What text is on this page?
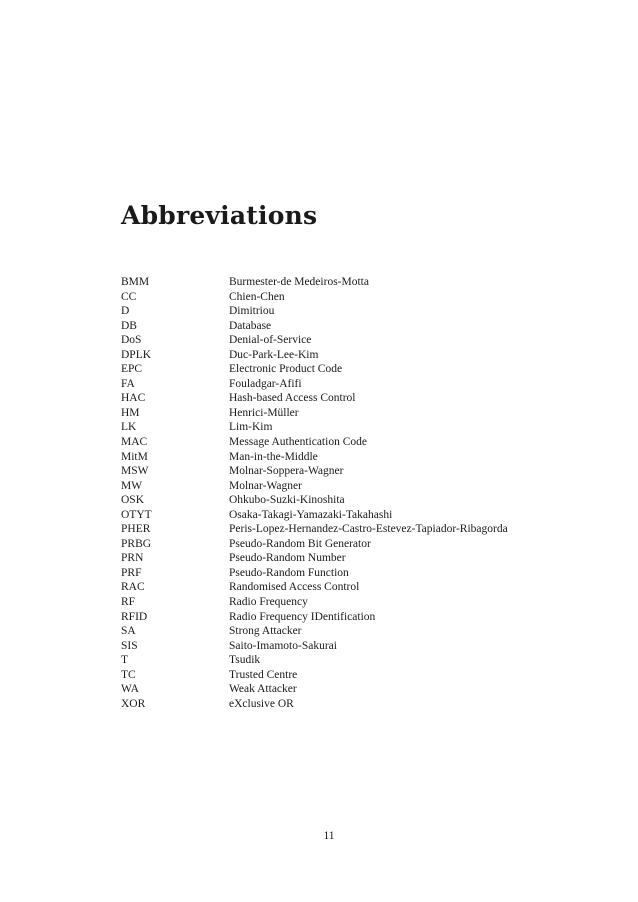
Abbreviations
BMM	Burmester-de Medeiros-Motta
CC	Chien-Chen
D	Dimitriou
DB	Database
DoS	Denial-of-Service
DPLK	Duc-Park-Lee-Kim
EPC	Electronic Product Code
FA	Fouladgar-Afifi
HAC	Hash-based Access Control
HM	Henrici-Müller
LK	Lim-Kim
MAC	Message Authentication Code
MitM	Man-in-the-Middle
MSW	Molnar-Soppera-Wagner
MW	Molnar-Wagner
OSK	Ohkubo-Suzki-Kinoshita
OTYT	Osaka-Takagi-Yamazaki-Takahashi
PHER	Peris-Lopez-Hernandez-Castro-Estevez-Tapiador-Ribagorda
PRBG	Pseudo-Random Bit Generator
PRN	Pseudo-Random Number
PRF	Pseudo-Random Function
RAC	Randomised Access Control
RF	Radio Frequency
RFID	Radio Frequency IDentification
SA	Strong Attacker
SIS	Saito-Imamoto-Sakurai
T	Tsudik
TC	Trusted Centre
WA	Weak Attacker
XOR	eXclusive OR
11
